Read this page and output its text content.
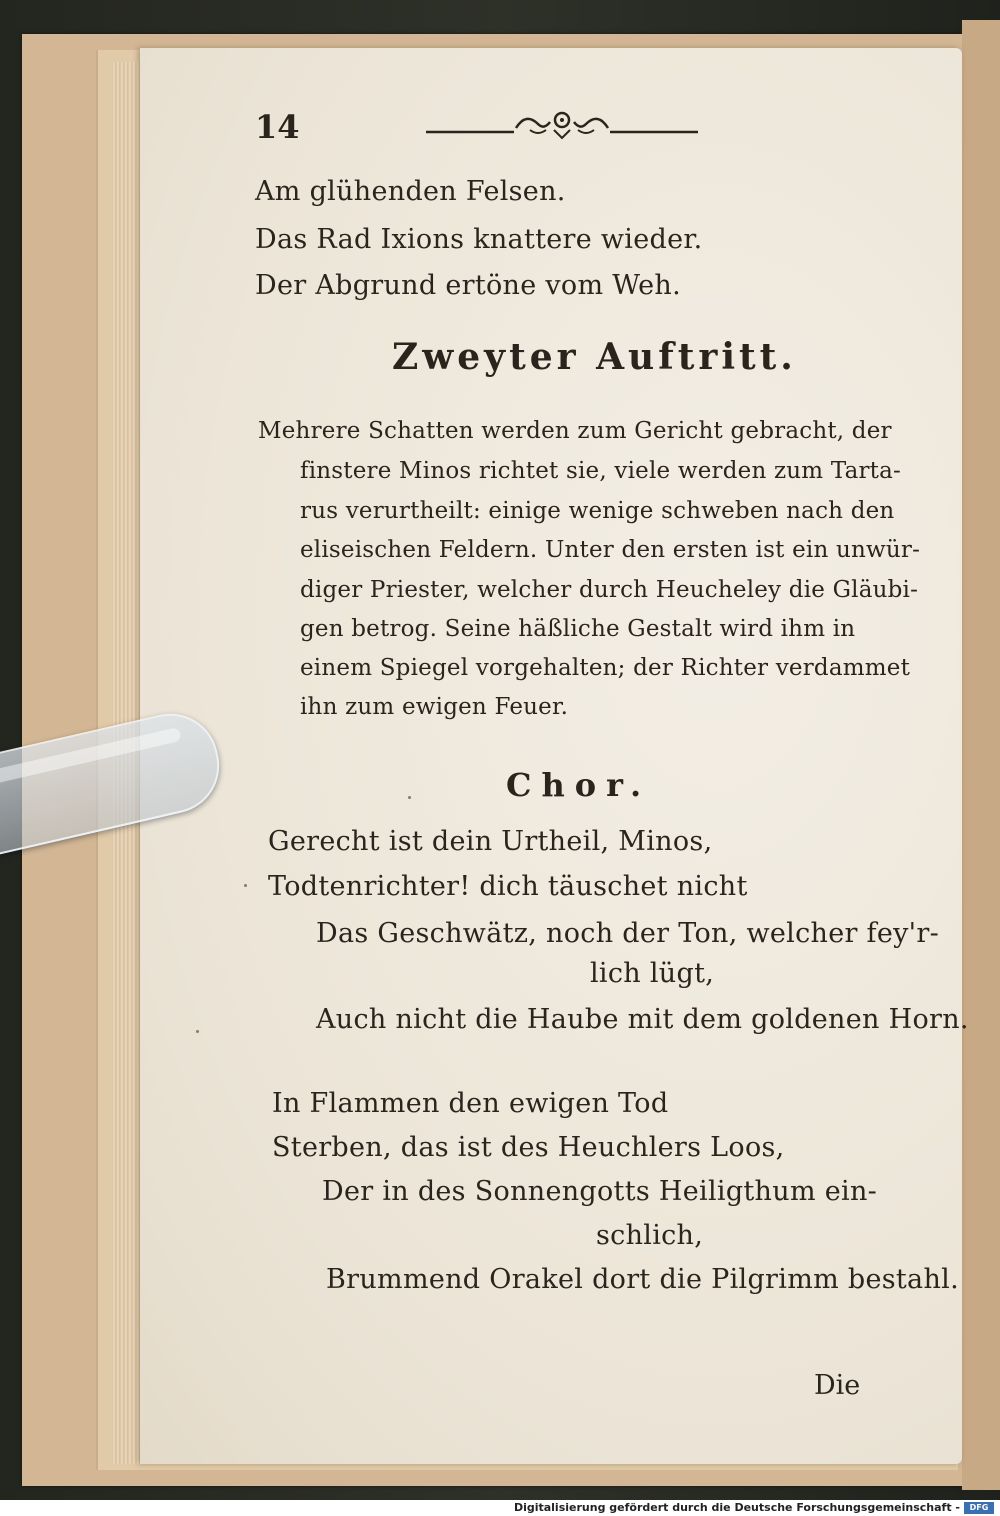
14
Am glühenden Felsen.
Das Rad Ixions knattere wieder.
Der Abgrund ertöne vom Weh.
Zweyter Auftritt.
Mehrere Schatten werden zum Gericht gebracht, der
finstere Minos richtet sie, viele werden zum Tarta-
rus verurtheilt: einige wenige schweben nach den
eliseischen Feldern. Unter den ersten ist ein unwür-
diger Priester, welcher durch Heucheley die Gläubi-
gen betrog. Seine häßliche Gestalt wird ihm in
einem Spiegel vorgehalten; der Richter verdammet
ihn zum ewigen Feuer.
Chor.
Gerecht ist dein Urtheil, Minos,
Todtenrichter! dich täuschet nicht
Das Geschwätz, noch der Ton, welcher fey'r-
lich lügt,
Auch nicht die Haube mit dem goldenen Horn.
In Flammen den ewigen Tod
Sterben, das ist des Heuchlers Loos,
Der in des Sonnengotts Heiligthum ein-
schlich,
Brummend Orakel dort die Pilgrimm bestahl.
Die
Digitalisierung gefördert durch die Deutsche Forschungsgemeinschaft -	DFG
